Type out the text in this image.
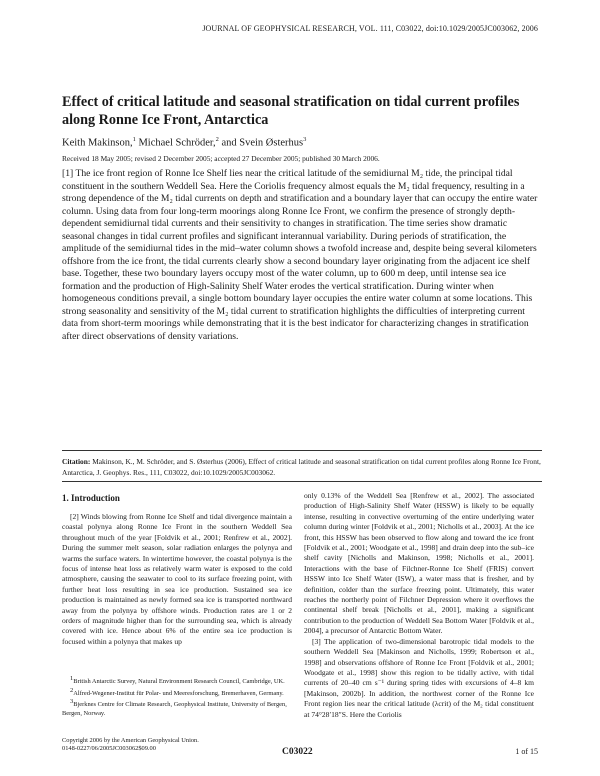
JOURNAL OF GEOPHYSICAL RESEARCH, VOL. 111, C03022, doi:10.1029/2005JC003062, 2006
Effect of critical latitude and seasonal stratification on tidal current profiles along Ronne Ice Front, Antarctica
Keith Makinson,$^1$ Michael Schröder,$^2$ and Svein Østerhus$^3$
Received 18 May 2005; revised 2 December 2005; accepted 27 December 2005; published 30 March 2006.

[1] The ice front region of Ronne Ice Shelf lies near the critical latitude of the semidiurnal M₂ tide, the principal tidal constituent in the southern Weddell Sea. Here the Coriolis frequency almost equals the M₂ tidal frequency, resulting in a strong dependence of the M₂ tidal currents on depth and stratification and a boundary layer that can occupy the entire water column. Using data from four long-term moorings along Ronne Ice Front, we confirm the presence of strongly depth-dependent semidiurnal tidal currents and their sensitivity to changes in stratification. The time series show dramatic seasonal changes in tidal current profiles and significant interannual variability. During periods of stratification, the amplitude of the semidiurnal tides in the mid–water column shows a twofold increase and, despite being several kilometers offshore from the ice front, the tidal currents clearly show a second boundary layer originating from the adjacent ice shelf base. Together, these two boundary layers occupy most of the water column, up to 600 m deep, until intense sea ice formation and the production of High-Salinity Shelf Water erodes the vertical stratification. During winter when homogeneous conditions prevail, a single bottom boundary layer occupies the entire water column at some locations. This strong seasonality and sensitivity of the M₂ tidal current to stratification highlights the difficulties of interpreting current data from short-term moorings while demonstrating that it is the best indicator for characterizing changes in stratification after direct observations of density variations.

Citation: Makinson, K., M. Schröder, and S. Østerhus (2006), Effect of critical latitude and seasonal stratification on tidal current profiles along Ronne Ice Front, Antarctica, J. Geophys. Res., 111, C03022, doi:10.1029/2005JC003062.
1. Introduction

[2] Winds blowing from Ronne Ice Shelf and tidal divergence maintain a coastal polynya along Ronne Ice Front in the southern Weddell Sea throughout much of the year [Foldvik et al., 2001; Renfrew et al., 2002]. During the summer melt season, solar radiation enlarges the polynya and warms the surface waters. In wintertime however, the coastal polynya is the focus of intense heat loss as relatively warm water is exposed to the cold atmosphere, causing the seawater to cool to its surface freezing point, with further heat loss resulting in sea ice production. Sustained sea ice production is maintained as newly formed sea ice is transported northward away from the polynya by offshore winds. Production rates are 1 or 2 orders of magnitude higher than for the surrounding sea, which is already covered with ice. Hence about 6% of the entire sea ice production is focused within a polynya that makes up

only 0.13% of the Weddell Sea [Renfrew et al., 2002]. The associated production of High-Salinity Shelf Water (HSSW) is likely to be equally intense, resulting in convective overturning of the entire underlying water column during winter [Foldvik et al., 2001; Nicholls et al., 2003]. At the ice front, this HSSW has been observed to flow along and toward the ice front [Foldvik et al., 2001; Woodgate et al., 1998] and drain deep into the sub–ice shelf cavity [Nicholls and Makinson, 1998; Nicholls et al., 2001]. Interactions with the base of Filchner-Ronne Ice Shelf (FRIS) convert HSSW into Ice Shelf Water (ISW), a water mass that is fresher, and by definition, colder than the surface freezing point. Ultimately, this water reaches the northerly point of Filchner Depression where it overflows the continental shelf break [Nicholls et al., 2001], making a significant contribution to the production of Weddell Sea Bottom Water [Foldvik et al., 2004], a precursor of Antarctic Bottom Water.

[3] The application of two-dimensional barotropic tidal models to the southern Weddell Sea [Makinson and Nicholls, 1999; Robertson et al., 1998] and observations offshore of Ronne Ice Front [Foldvik et al., 2001; Woodgate et al., 1998] show this region to be tidally active, with tidal currents of 20–40 cm s⁻¹ during spring tides with excursions of 4–8 km [Makinson, 2002b]. In addition, the northwest corner of the Ronne Ice Front region lies near the critical latitude (λcrit) of the M₂ tidal constituent at 74°28′18″S. Here the Coriolis

$^1$British Antarctic Survey, Natural Environment Research Council, Cambridge, UK.

$^2$Alfred-Wegener-Institut für Polar- und Meeresforschung, Bremerhaven, Germany.

$^3$Bjerknes Centre for Climate Research, Geophysical Institute, University of Bergen, Bergen, Norway.

Copyright 2006 by the American Geophysical Union.
0148-0227/06/2005JC003062$09.00	C03022	1 of 15
